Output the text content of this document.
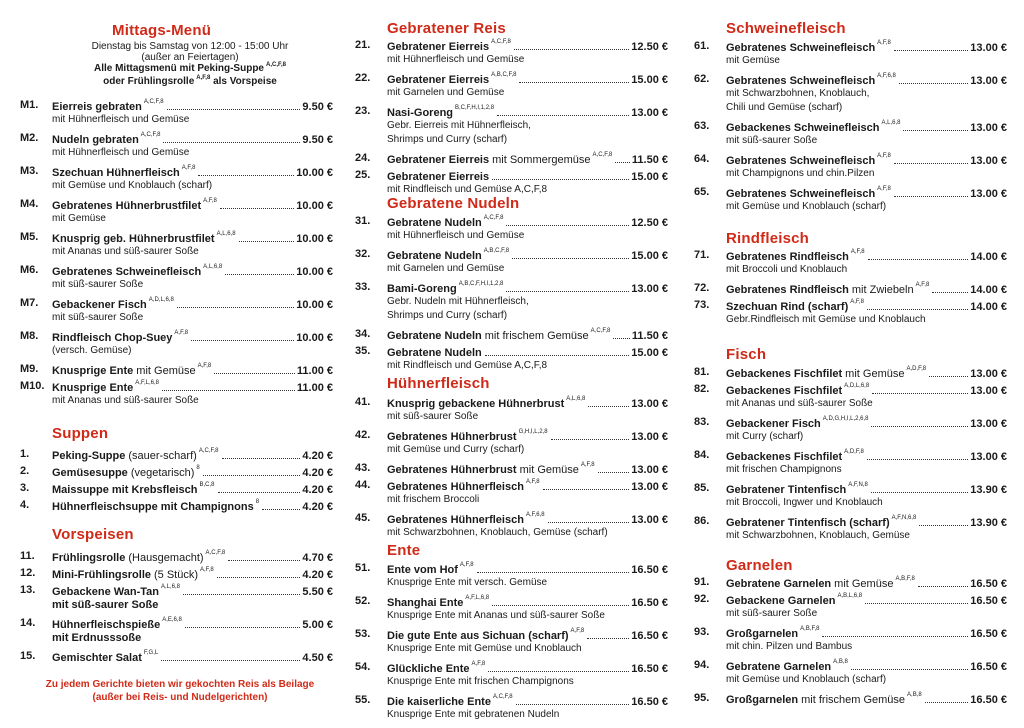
Mittags-Menü
Dienstag bis Samstag von 12:00 - 15:00 Uhr
(außer an Feiertagen)
Alle Mittagsmenü mit Peking-Suppe $^{A,C,F,8}$
oder Frühlingsrolle $^{A,F,8}$ als Vorspeise
M1. Eierreis gebraten A,C,F,8	9.50 €
mit Hühnerfleisch und Gemüse
M2. Nudeln gebraten A,C,F,8	9.50 €
mit Hühnerfleisch und Gemüse
M3. Szechuan Hühnerfleisch A,F,8	10.00 €
mit Gemüse und Knoblauch (scharf)
M4. Gebratenes Hühnerbrustfilet A,F,8	10.00 €
mit Gemüse
M5. Knusprig geb. Hühnerbrustfilet A,L,6,8	10.00 €
mit Ananas und süß-saurer Soße
M6. Gebratenes Schweinefleisch A,L,6,8	10.00 €
mit süß-saurer Soße
M7. Gebackener Fisch A,D,L,6,8	10.00 €
mit süß-saurer Soße
M8. Rindfleisch Chop-Suey A,F,8	10.00 €
(versch. Gemüse)
M9. Knusprige Ente mit Gemüse A,F,8	11.00 €
M10. Knusprige Ente A,F,L,6,8	11.00 €
mit Ananas und süß-saurer Soße
Suppen
1. Peking-Suppe (sauer-scharf) A,C,F,8	4.20 €
2. Gemüsesuppe (vegetarisch) 8	4.20 €
3. Maissuppe mit Krebsfleisch B,C,8	4.20 €
4. Hühnerfleischsuppe mit Champignons 8	4.20 €
Vorspeisen
11. Frühlingsrolle (Hausgemacht) A,C,F,8	4.70 €
12. Mini-Frühlingsrolle (5 Stück) A,F,8	4.20 €
13. Gebackene Wan-Tan A,L,6,8	5.50 €
mit süß-saurer Soße
14. Hühnerfleischspieße A,E,6,8	5.00 €
mit Erdnusssoße
15. Gemischter Salat F,G,L	4.50 €
Zu jedem Gerichte bieten wir gekochten Reis als Beilage
(außer bei Reis- und Nudelgerichten)
Gebratener Reis
21. Gebratener Eierreis A,C,F,8	12.50 €
mit Hühnerfleisch und Gemüse
22. Gebratener Eierreis A,B,C,F,8	15.00 €
mit Garnelen und Gemüse
23. Nasi-Goreng B,C,F,H,I,1,2,8	13.00 €
Gebr. Eierreis mit Hühnerfleisch,
Shrimps und Curry (scharf)
24. Gebratener Eierreis mit Sommergemüse A,C,F,8 11.50 €
25. Gebratener Eierreis	15.00 €
mit Rindfleisch und Gemüse A,C,F,8
Gebratene Nudeln
31. Gebratene Nudeln A,C,F,8	12.50 €
mit Hühnerfleisch und Gemüse
32. Gebratene Nudeln A,B,C,F,8	15.00 €
mit Garnelen und Gemüse
33. Bami-Goreng A,B,C,F,H,I,1,2,8	13.00 €
Gebr. Nudeln mit Hühnerfleisch,
Shrimps und Curry (scharf)
34. Gebratene Nudeln mit frischem Gemüse A,C,F,8 11.50 €
35. Gebratene Nudeln	15.00 €
mit Rindfleisch und Gemüse A,C,F,8
Hühnerfleisch
41. Knusprig gebackene Hühnerbrust A,L,6,8	13.00 €
mit süß-saurer Soße
42. Gebratenes Hühnerbrust G,H,I,L,2,8	13.00 €
mit Gemüse und Curry (scharf)
43. Gebratenes Hühnerbrust mit Gemüse A,F,8	13.00 €
44. Gebratenes Hühnerfleisch A,F,8	13.00 €
mit frischem Broccoli
45. Gebratenes Hühnerfleisch A,F,6,8	13.00 €
mit Schwarzbohnen, Knoblauch, Gemüse (scharf)
Ente
51. Ente vom Hof A,F,8	16.50 €
Knusprige Ente mit versch. Gemüse
52. Shanghai Ente A,F,L,6,8	16.50 €
Knusprige Ente mit Ananas und süß-saurer Soße
53. Die gute Ente aus Sichuan (scharf) A,F,8	16.50 €
Knusprige Ente mit Gemüse und Knoblauch
54. Glückliche Ente A,F,8	16.50 €
Knusprige Ente mit frischen Champignons
55. Die kaiserliche Ente A,C,F,8	16.50 €
Knusprige Ente mit gebratenen Nudeln
Schweinefleisch
61. Gebratenes Schweinefleisch A,F,8	13.00 €
mit Gemüse
62. Gebratenes Schweinefleisch A,F,6,8	13.00 €
mit Schwarzbohnen, Knoblauch,
Chili und Gemüse (scharf)
63. Gebackenes Schweinefleisch A,L,6,8	13.00 €
mit süß-saurer Soße
64. Gebratenes Schweinefleisch A,F,8	13.00 €
mit Champignons und chin.Pilzen
65. Gebratenes Schweinefleisch A,F,8	13.00 €
mit Gemüse und Knoblauch (scharf)
Rindfleisch
71. Gebratenes Rindfleisch A,F,8	14.00 €
mit Broccoli und Knoblauch
72. Gebratenes Rindfleisch mit Zwiebeln A,F,8	14.00 €
73. Szechuan Rind (scharf) A,F,8	14.00 €
Gebr.Rindfleisch mit Gemüse und Knoblauch
Fisch
81. Gebackenes Fischfilet mit Gemüse A,D,F,8	13.00 €
82. Gebackenes Fischfilet A,D,L,6,8	13.00 €
mit Ananas und süß-saurer Soße
83. Gebackener Fisch A,D,G,H,I,L,2,6,8	13.00 €
mit Curry (scharf)
84. Gebackenes Fischfilet A,D,F,8	13.00 €
mit frischen Champignons
85. Gebratener Tintenfisch A,F,N,8	13.90 €
mit Broccoli, Ingwer und Knoblauch
86. Gebratener Tintenfisch (scharf) A,F,N,6,8	13.90 €
mit Schwarzbohnen, Knoblauch, Gemüse
Garnelen
91. Gebratene Garnelen mit Gemüse A,B,F,8	16.50 €
92. Gebackene Garnelen A,B,L,6,8	16.50 €
mit süß-saurer Soße
93. Großgarnelen A,B,F,8	16.50 €
mit chin. Pilzen und Bambus
94. Gebratene Garnelen A,B,8	16.50 €
mit Gemüse und Knoblauch (scharf)
95. Großgarnelen mit frischem Gemüse A,B,8	16.50 €
